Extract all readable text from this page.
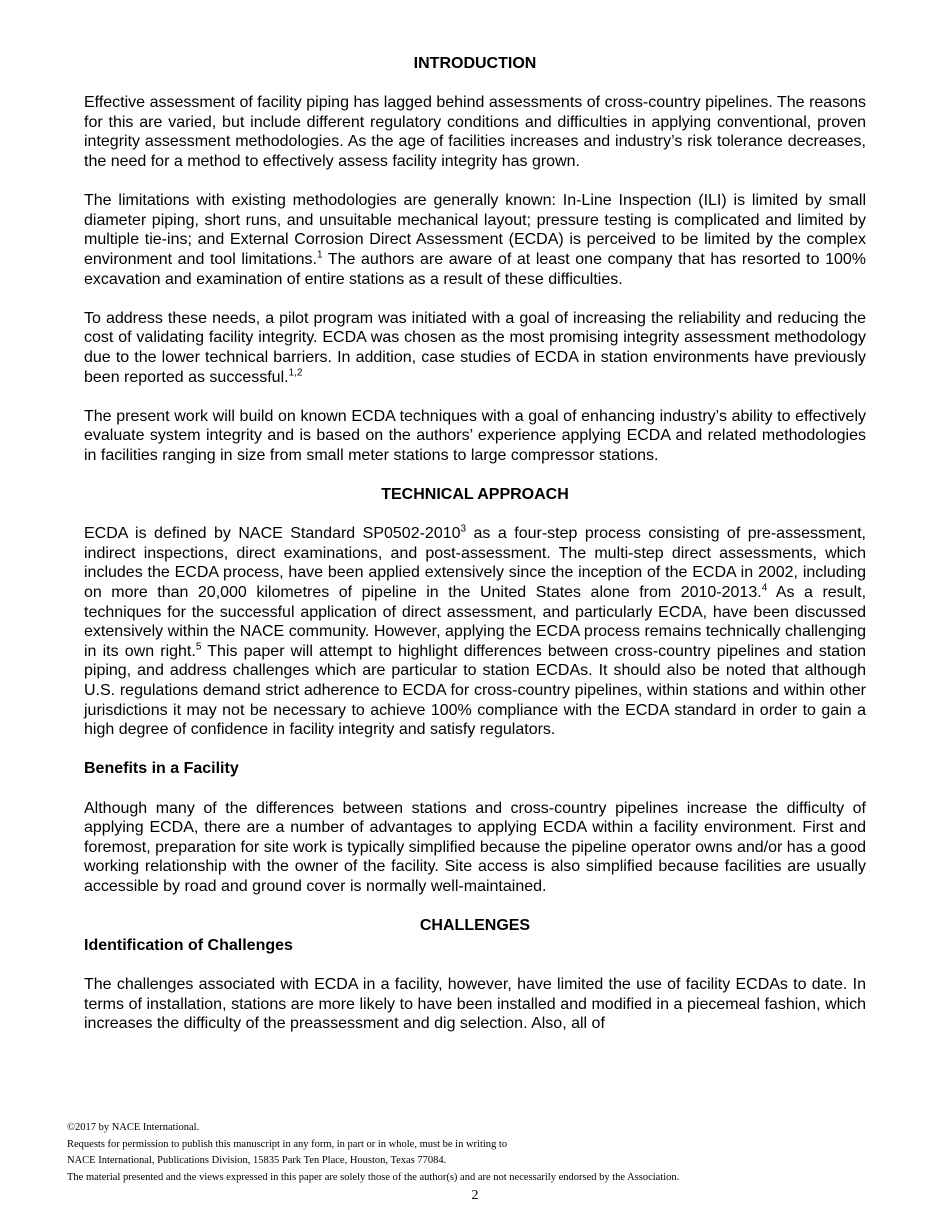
INTRODUCTION

Effective assessment of facility piping has lagged behind assessments of cross-country pipelines. The reasons for this are varied, but include different regulatory conditions and difficulties in applying conventional, proven integrity assessment methodologies. As the age of facilities increases and industry’s risk tolerance decreases, the need for a method to effectively assess facility integrity has grown.

The limitations with existing methodologies are generally known: In-Line Inspection (ILI) is limited by small diameter piping, short runs, and unsuitable mechanical layout; pressure testing is complicated and limited by multiple tie-ins; and External Corrosion Direct Assessment (ECDA) is perceived to be limited by the complex environment and tool limitations.$^1$ The authors are aware of at least one company that has resorted to 100% excavation and examination of entire stations as a result of these difficulties.

To address these needs, a pilot program was initiated with a goal of increasing the reliability and reducing the cost of validating facility integrity. ECDA was chosen as the most promising integrity assessment methodology due to the lower technical barriers. In addition, case studies of ECDA in station environments have previously been reported as successful.$^{1,2}$

The present work will build on known ECDA techniques with a goal of enhancing industry’s ability to effectively evaluate system integrity and is based on the authors’ experience applying ECDA and related methodologies in facilities ranging in size from small meter stations to large compressor stations.

TECHNICAL APPROACH

ECDA is defined by NACE Standard SP0502-2010$^3$ as a four-step process consisting of pre-assessment, indirect inspections, direct examinations, and post-assessment. The multi-step direct assessments, which includes the ECDA process, have been applied extensively since the inception of the ECDA in 2002, including on more than 20,000 kilometres of pipeline in the United States alone from 2010-2013.$^4$ As a result, techniques for the successful application of direct assessment, and particularly ECDA, have been discussed extensively within the NACE community. However, applying the ECDA process remains technically challenging in its own right.$^5$ This paper will attempt to highlight differences between cross-country pipelines and station piping, and address challenges which are particular to station ECDAs. It should also be noted that although U.S. regulations demand strict adherence to ECDA for cross-country pipelines, within stations and within other jurisdictions it may not be necessary to achieve 100% compliance with the ECDA standard in order to gain a high degree of confidence in facility integrity and satisfy regulators.

Benefits in a Facility

Although many of the differences between stations and cross-country pipelines increase the difficulty of applying ECDA, there are a number of advantages to applying ECDA within a facility environment. First and foremost, preparation for site work is typically simplified because the pipeline operator owns and/or has a good working relationship with the owner of the facility. Site access is also simplified because facilities are usually accessible by road and ground cover is normally well-maintained.

CHALLENGES
Identification of Challenges

The challenges associated with ECDA in a facility, however, have limited the use of facility ECDAs to date. In terms of installation, stations are more likely to have been installed and modified in a piecemeal fashion, which increases the difficulty of the preassessment and dig selection. Also, all of

©2017 by NACE International.
Requests for permission to publish this manuscript in any form, in part or in whole, must be in writing to
NACE International, Publications Division, 15835 Park Ten Place, Houston, Texas 77084.
The material presented and the views expressed in this paper are solely those of the author(s) and are not necessarily endorsed by the Association.
2
